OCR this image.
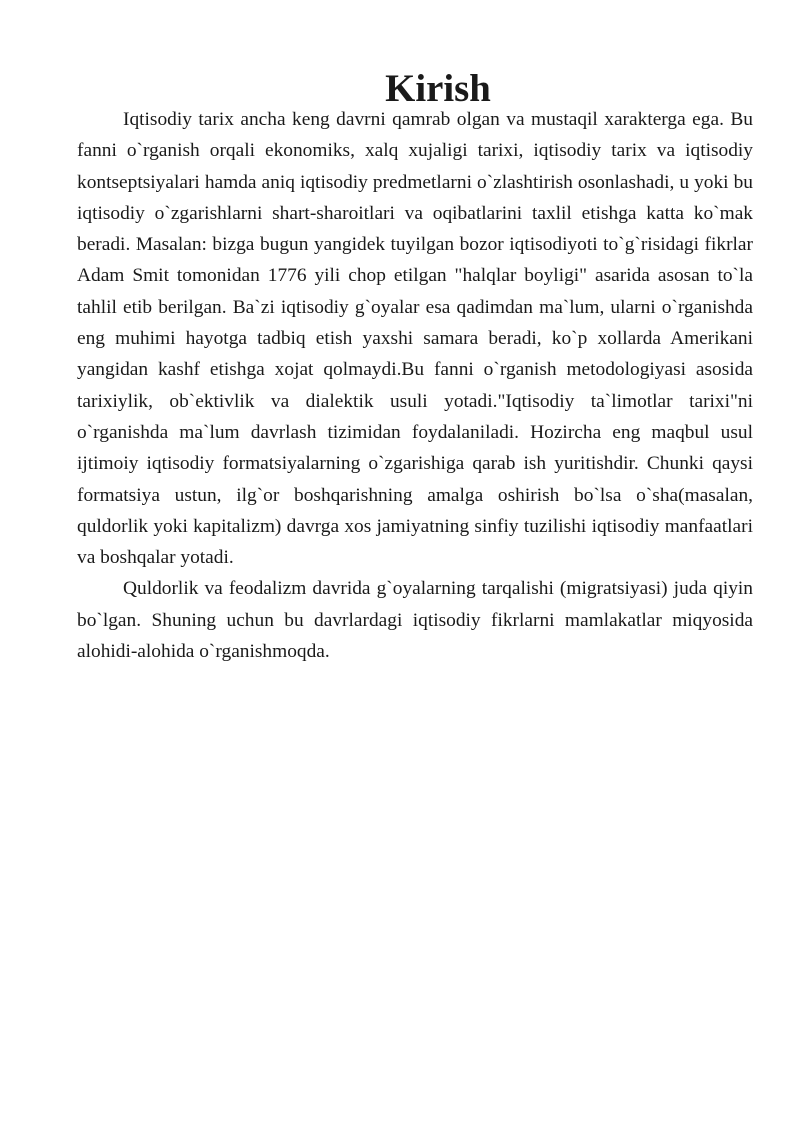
Kirish

Iqtisodiy tarix ancha keng davrni qamrab olgan va mustaqil xarakterga ega. Bu fanni o`rganish orqali ekonomiks, xalq xujaligi tarixi, iqtisodiy tarix va iqtisodiy kontseptsiyalari hamda aniq iqtisodiy predmetlarni o`zlashtirish osonlashadi, u yoki bu iqtisodiy o`zgarishlarni shart-sharoitlari va oqibatlarini taxlil etishga katta ko`mak beradi. Masalan: bizga bugun yangidek tuyilgan bozor iqtisodiyoti to`g`risidagi fikrlar Adam Smit tomonidan 1776 yili chop etilgan "halqlar boyligi" asarida asosan to`la tahlil etib berilgan. Ba`zi iqtisodiy g`oyalar esa qadimdan ma`lum, ularni o`rganishda eng muhimi hayotga tadbiq etish yaxshi samara beradi, ko`p xollarda Amerikani yangidan kashf etishga xojat qolmaydi.Bu fanni o`rganish metodologiyasi asosida tarixiylik, ob`ektivlik va dialektik usuli yotadi."Iqtisodiy ta`limotlar tarixi"ni o`rganishda ma`lum davrlash tizimidan foydalaniladi. Hozircha eng maqbul usul ijtimoiy iqtisodiy formatsiyalarning o`zgarishiga qarab ish yuritishdir. Chunki qaysi formatsiya ustun, ilg`or boshqarishning amalga oshirish bo`lsa o`sha(masalan, quldorlik yoki kapitalizm) davrga xos jamiyatning sinfiy tuzilishi iqtisodiy manfaatlari va boshqalar yotadi.

Quldorlik va feodalizm davrida g`oyalarning tarqalishi (migratsiyasi) juda qiyin bo`lgan. Shuning uchun bu davrlardagi iqtisodiy fikrlarni mamlakatlar miqyosida alohidi-alohida o`rganishmoqda.
